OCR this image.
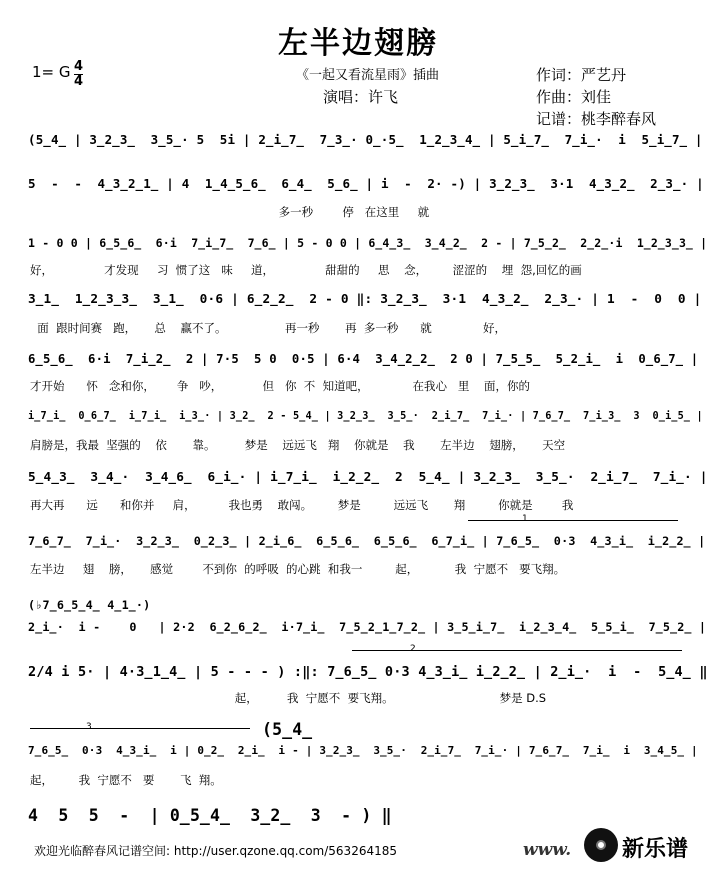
左半边翅膀
1= G 4
4	《一起又看流星雨》插曲
演唱：许飞
作词：严艺丹
作曲：刘佳
记谱：桃李醉春风
(5̲4̲ | 3̲2̲3̲  3̲5̲· 5  5i | 2̲i̲7̲  7̲3̲· 0̲·5̲  1̲2̲3̲4̲ | 5̲i̲7̲  7̲i̲·  i  5̲i̲7̲ |
5  -  -  4̲3̲2̲1̲ | 4  1̲4̲5̲6̲  6̲4̲  5̲6̲ | i  -  2· -) | 3̲2̲3̲  3·1  4̲3̲2̲  2̲3̲· |
多一秒        停   在这里     就
1 - 0 0 | 6̲5̲6̲  6·i  7̲i̲7̲  7̲6̲ | 5 - 0 0 | 6̲4̲3̲  3̲4̲2̲  2 - | 7̲5̲2̲  2̲2̲·i  1̲2̲3̲3̲ |
好，              才发现     习  惯了这   味     道，              甜甜的     思    念，       涩涩的    埋  怨,回忆的画
3̲1̲  1̲2̲3̲3̲  3̲1̲  0·6 | 6̲2̲2̲  2 - 0 ‖: 3̲2̲3̲  3·1  4̲3̲2̲  2̲3̲· | 1  -  0  0 |
面  跟时间赛   跑，     总    赢不了。                再一秒       再  多一秒      就              好，
6̲5̲6̲  6·i  7̲i̲2̲  2 | 7·5  5 0  0·5 | 6·4  3̲4̲2̲2̲  2 0 | 7̲5̲5̲  5̲2̲i̲  i  0̲6̲7̲ |
才开始      怀   念和你，      争   吵，           但   你  不  知道吧，            在我心   里    面，你的
i̲7̲i̲  0̲6̲7̲  i̲7̲i̲  i̲3̲· | 3̲2̲  2 - 5̲4̲ | 3̲2̲3̲  3̲5̲·  2̲i̲7̲  7̲i̲· | 7̲6̲7̲  7̲i̲3̲  3  0̲i̲5̲ |
肩膀是，我最  坚强的    依       靠。        梦是    远远飞   翔    你就是    我       左半边    翅膀，     天空
5̲4̲3̲  3̲4̲·  3̲4̲6̲  6̲i̲· | i̲7̲i̲  i̲2̲2̲  2  5̲4̲ | 3̲2̲3̲  3̲5̲·  2̲i̲7̲  7̲i̲· |
再大再      远      和你并     肩，         我也勇    敢闯。       梦是         远远飞       翔         你就是        我
1
7̲6̲7̲  7̲i̲·  3̲2̲3̲  0̲2̲3̲ | 2̲i̲6̲  6̲5̲6̲  6̲5̲6̲  6̲7̲i̲ | 7̲6̲5̲  0·3  4̲3̲i̲  i̲2̲2̲ |
左半边     翅    膀，     感觉        不到你  的呼吸  的心跳  和我一         起，          我  宁愿不   要飞翔。
(♭7̲6̲5̲4̲ 4̲1̲·)
2̲i̲·  i -    0   | 2·2  6̲2̲6̲2̲  i·7̲i̲  7̲5̲2̲1̲7̲2̲ | 3̲5̲i̲7̲  i̲2̲3̲4̲  5̲5̲i̲  7̲5̲2̲ |
2
2/4 i 5· | 4·3̲1̲4̲ | 5 - - - ) :‖: 7̲6̲5̲ 0·3 4̲3̲i̲ i̲2̲2̲ | 2̲i̲·  i  -  5̲4̲ ‖
起，        我  宁愿不  要飞翔。                             梦是 D.S
3	(5̲4̲
7̲6̲5̲  0·3  4̲3̲i̲  i | 0̲2̲  2̲i̲  i - | 3̲2̲3̲  3̲5̲·  2̲i̲7̲  7̲i̲· | 7̲6̲7̲  7̲i̲  i  3̲4̲5̲ |
起，       我  宁愿不   要       飞  翔。
4  5  5  -  | 0̲5̲4̲  3̲2̲  3  - ) ‖
欢迎光临醉春风记谱空间: http://user.qzone.qq.com/563264185	www. 新乐谱
